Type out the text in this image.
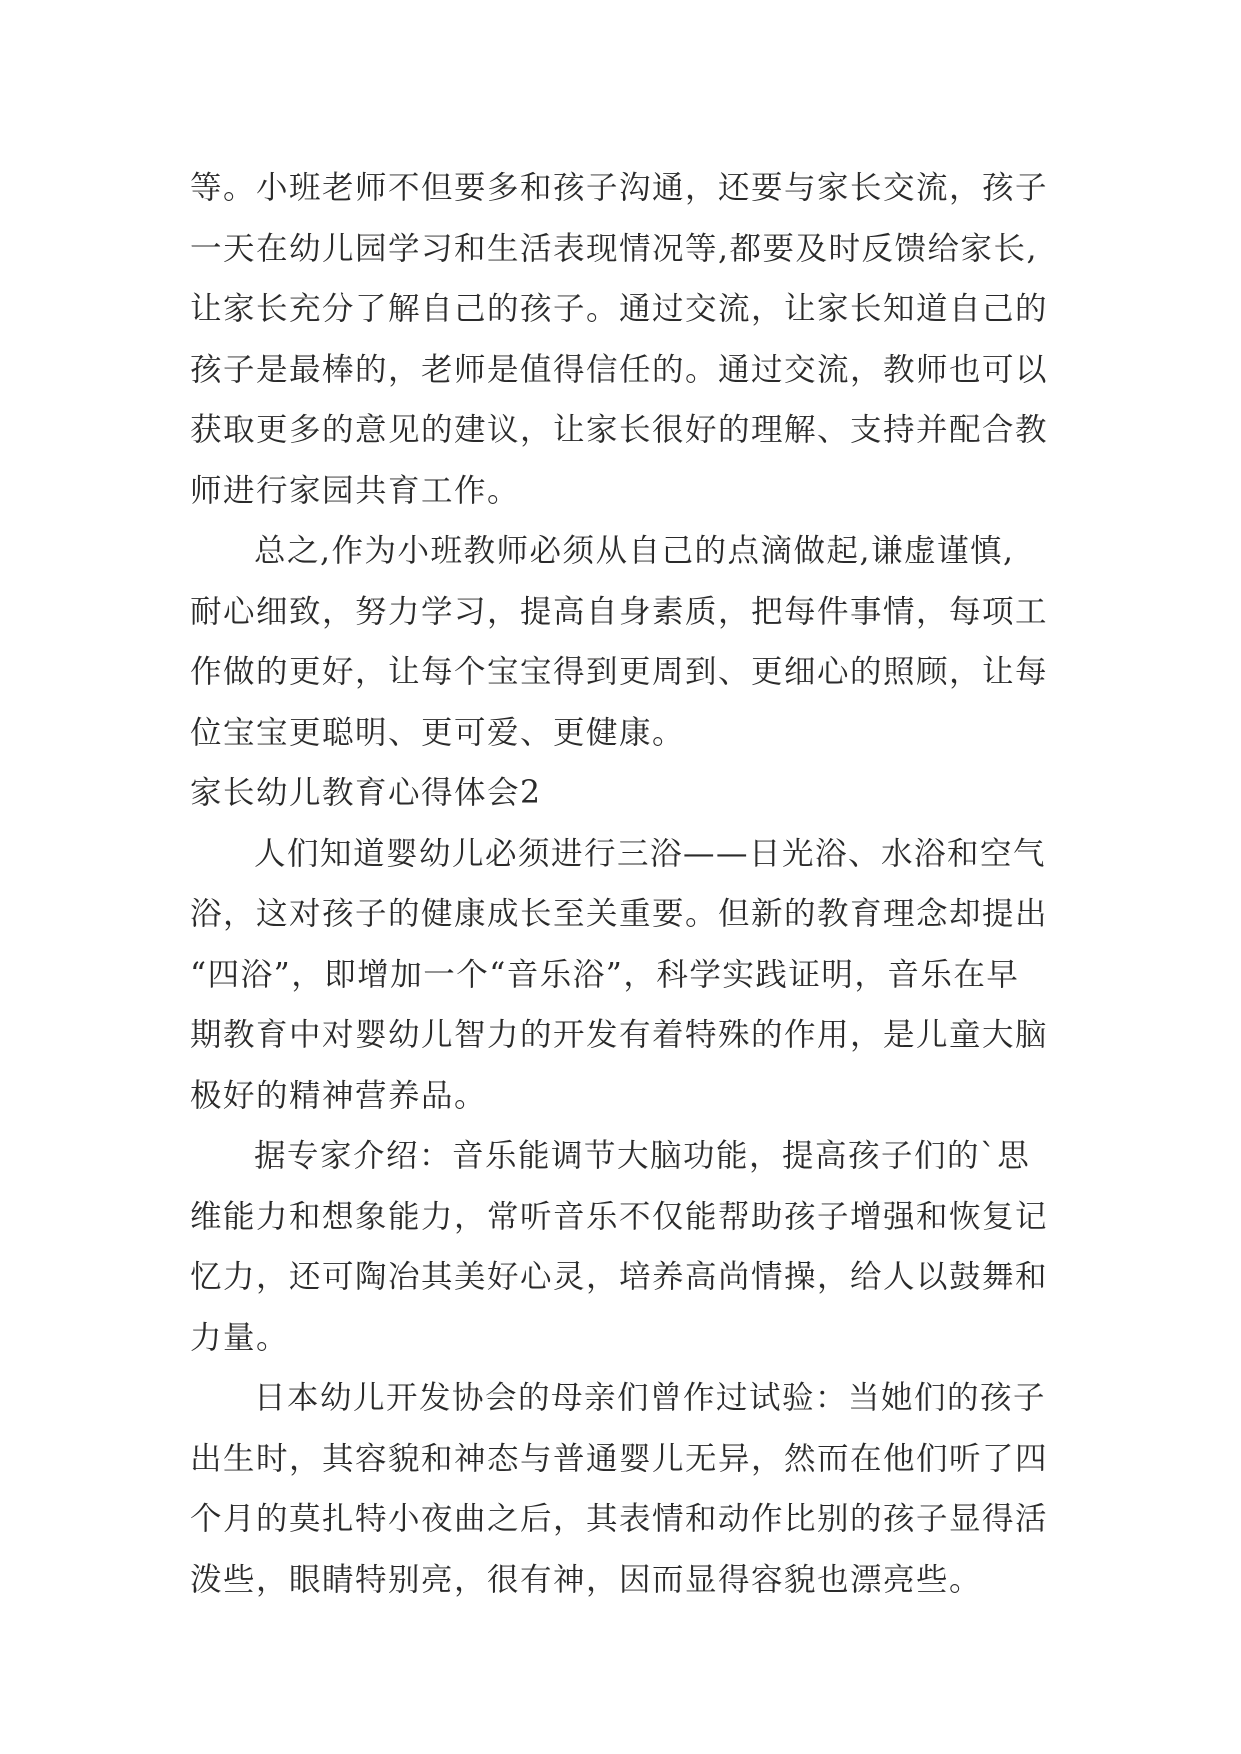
等。小班老师不但要多和孩子沟通，还要与家长交流，孩子
一天在幼儿园学习和生活表现情况等,都要及时反馈给家长,
让家长充分了解自己的孩子。通过交流，让家长知道自己的
孩子是最棒的，老师是值得信任的。通过交流，教师也可以
获取更多的意见的建议，让家长很好的理解、支持并配合教
师进行家园共育工作。
总之,作为小班教师必须从自己的点滴做起,谦虚谨慎,
耐心细致，努力学习，提高自身素质，把每件事情，每项工
作做的更好，让每个宝宝得到更周到、更细心的照顾，让每
位宝宝更聪明、更可爱、更健康。
家长幼儿教育心得体会2
人们知道婴幼儿必须进行三浴——日光浴、水浴和空气
浴，这对孩子的健康成长至关重要。但新的教育理念却提出
“四浴”，即增加一个“音乐浴”，科学实践证明，音乐在早
期教育中对婴幼儿智力的开发有着特殊的作用，是儿童大脑
极好的精神营养品。
据专家介绍：音乐能调节大脑功能，提高孩子们的`思
维能力和想象能力，常听音乐不仅能帮助孩子增强和恢复记
忆力，还可陶冶其美好心灵，培养高尚情操，给人以鼓舞和
力量。
日本幼儿开发协会的母亲们曾作过试验：当她们的孩子
出生时，其容貌和神态与普通婴儿无异，然而在他们听了四
个月的莫扎特小夜曲之后，其表情和动作比别的孩子显得活
泼些，眼睛特别亮，很有神，因而显得容貌也漂亮些。
